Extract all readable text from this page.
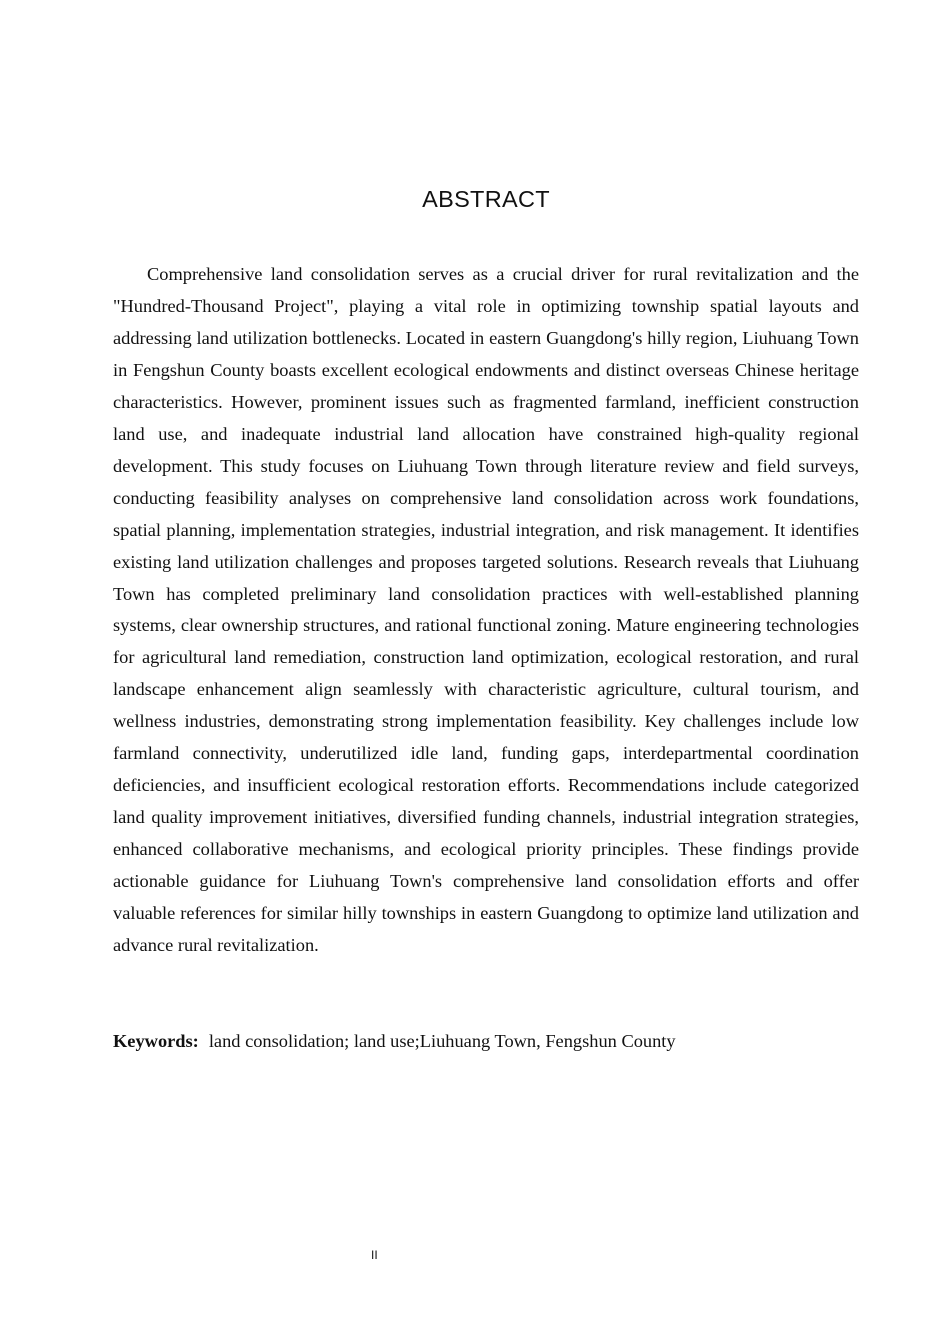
ABSTRACT

Comprehensive land consolidation serves as a crucial driver for rural revitalization and the "Hundred-Thousand Project", playing a vital role in optimizing township spatial layouts and addressing land utilization bottlenecks. Located in eastern Guangdong's hilly region, Liuhuang Town in Fengshun County boasts excellent ecological endowments and distinct overseas Chinese heritage characteristics. However, prominent issues such as fragmented farmland, inefficient construction land use, and inadequate industrial land allocation have constrained high-quality regional development. This study focuses on Liuhuang Town through literature review and field surveys, conducting feasibility analyses on comprehensive land consolidation across work foundations, spatial planning, implementation strategies, industrial integration, and risk management. It identifies existing land utilization challenges and proposes targeted solutions. Research reveals that Liuhuang Town has completed preliminary land consolidation practices with well-established planning systems, clear ownership structures, and rational functional zoning. Mature engineering technologies for agricultural land remediation, construction land optimization, ecological restoration, and rural landscape enhancement align seamlessly with characteristic agriculture, cultural tourism, and wellness industries, demonstrating strong implementation feasibility. Key challenges include low farmland connectivity, underutilized idle land, funding gaps, interdepartmental coordination deficiencies, and insufficient ecological restoration efforts. Recommendations include categorized land quality improvement initiatives, diversified funding channels, industrial integration strategies, enhanced collaborative mechanisms, and ecological priority principles. These findings provide actionable guidance for Liuhuang Town's comprehensive land consolidation efforts and offer valuable references for similar hilly townships in eastern Guangdong to optimize land utilization and advance rural revitalization.

Keywords: land consolidation; land use;Liuhuang Town, Fengshun County

II
